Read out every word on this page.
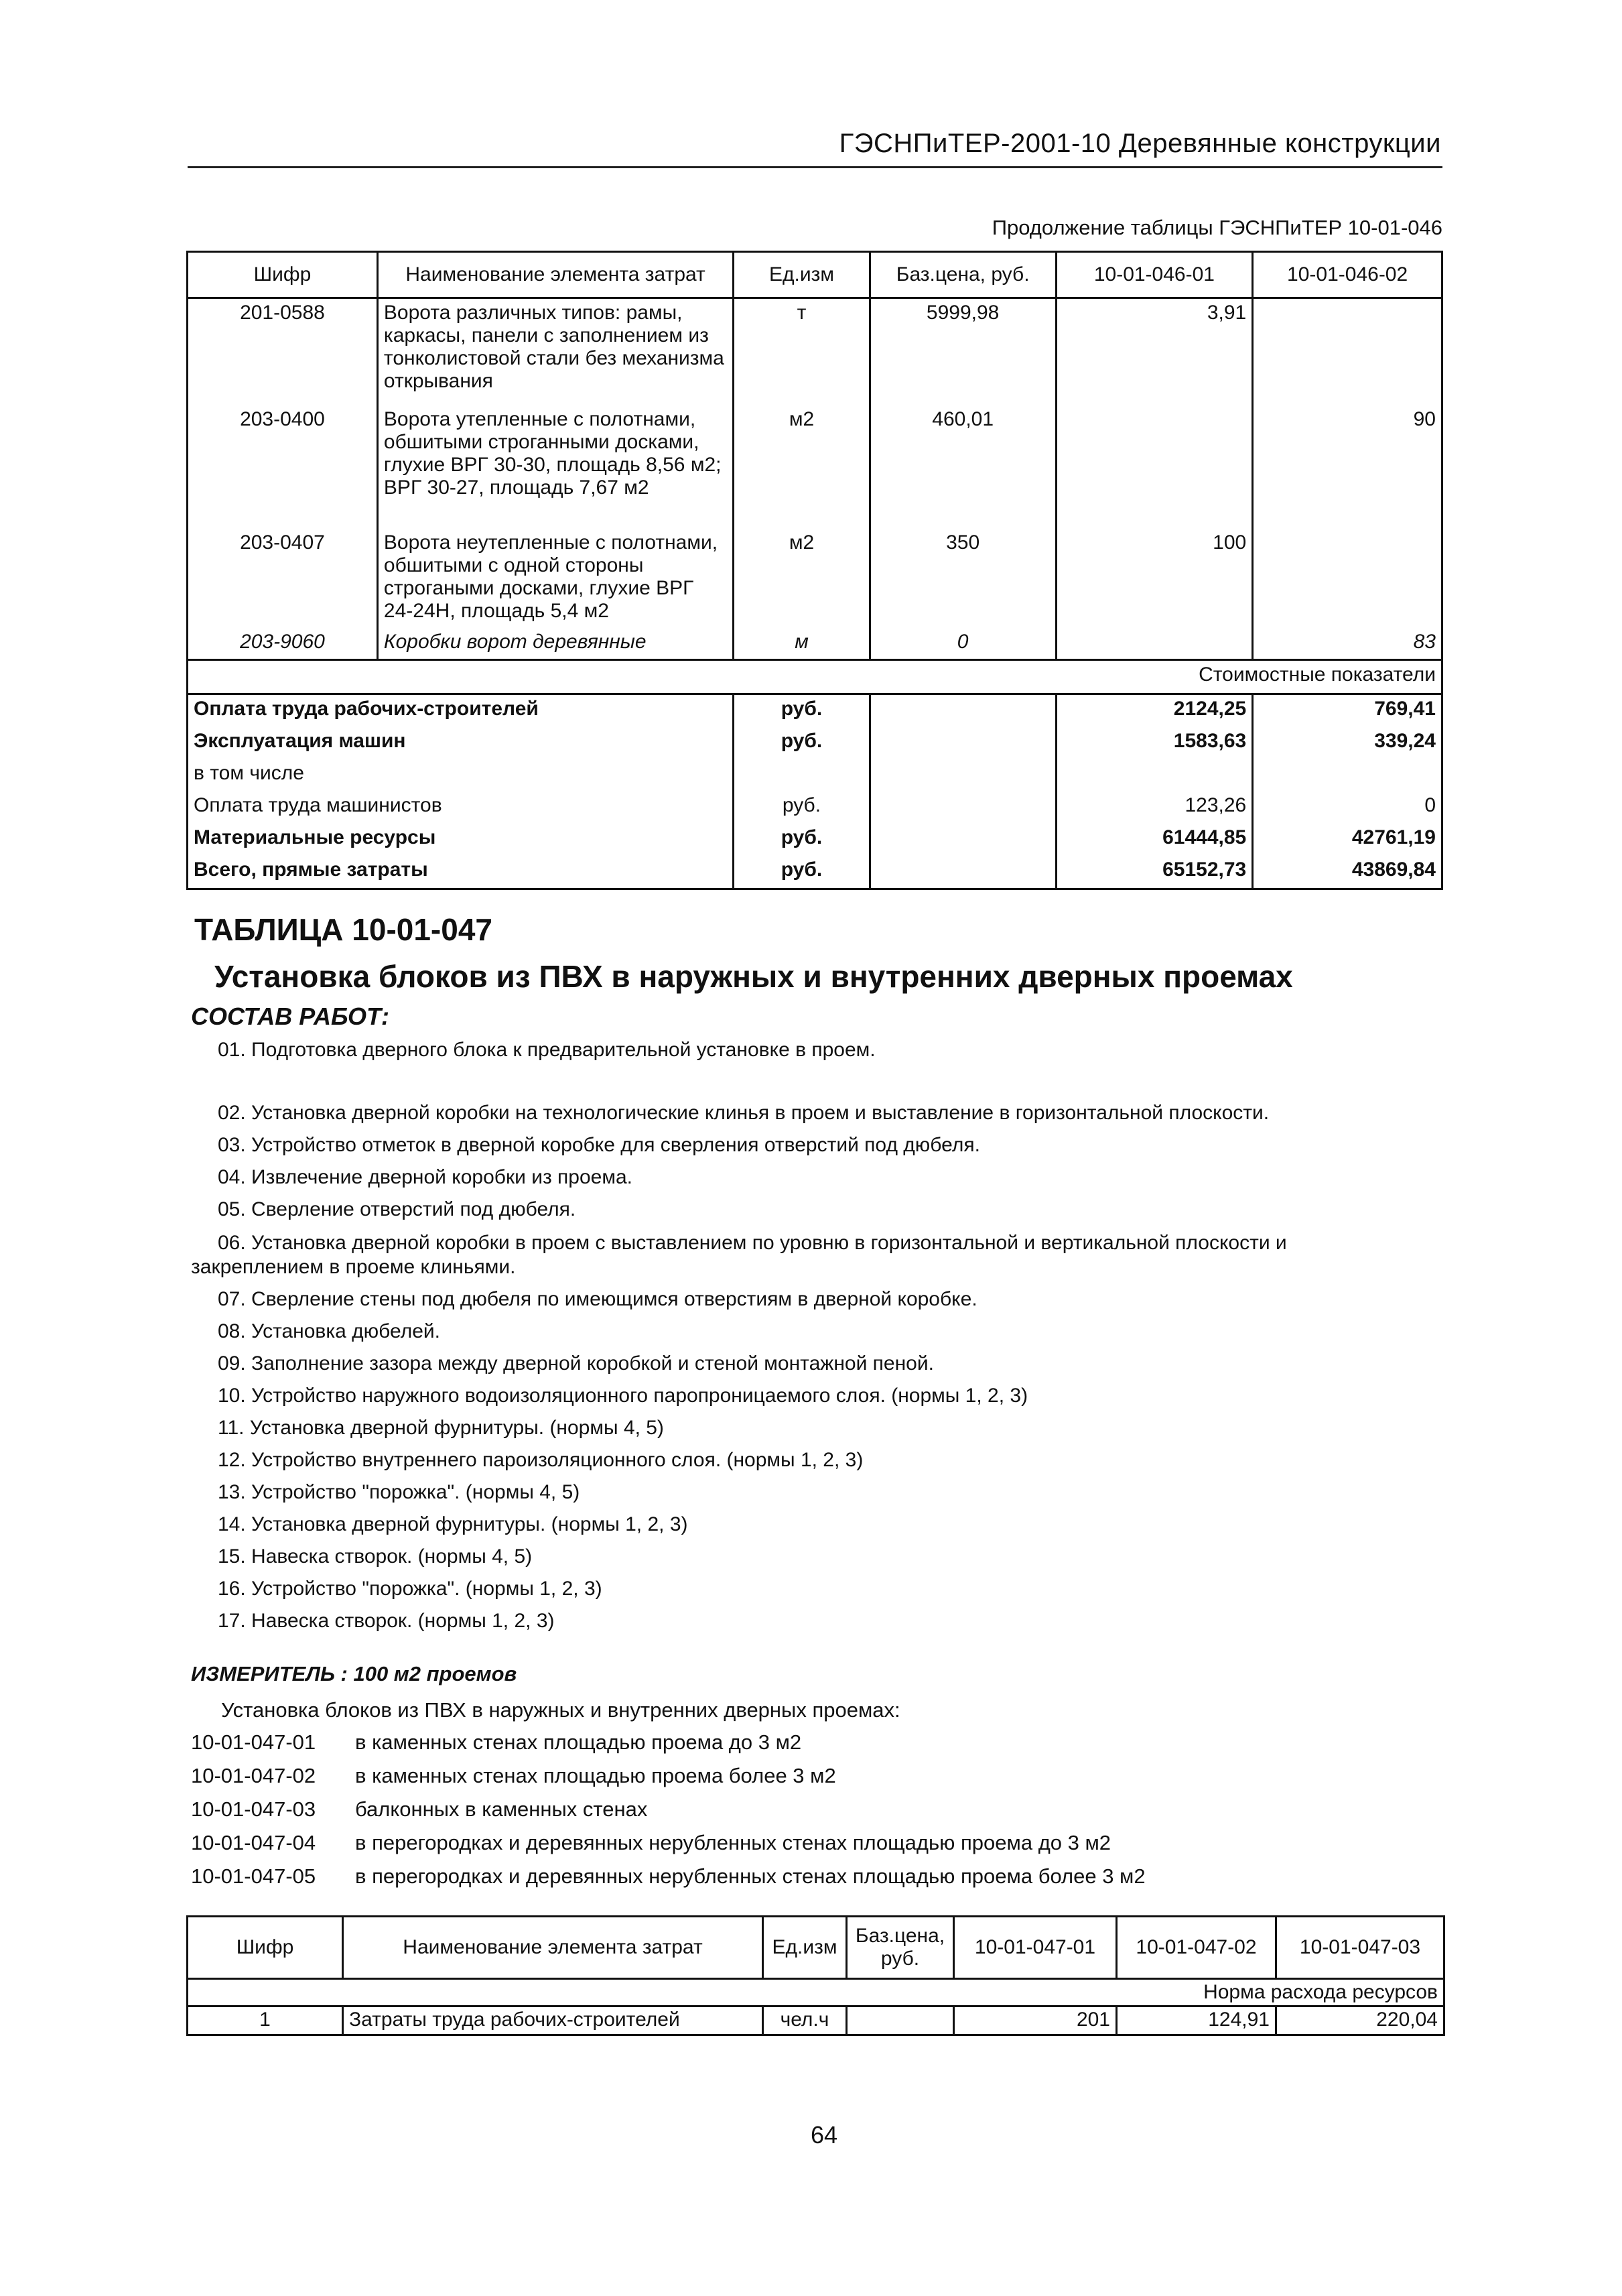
ГЭСНПиТЕР-2001-10 Деревянные конструкции
Продолжение таблицы ГЭСНПиТЕР 10-01-046
Шифр	Наименование элемента затрат	Ед.изм	Баз.цена, руб.	10-01-046-01	10-01-046-02
201-0588	Ворота различных типов: рамы, каркасы, панели с заполнением из тонколистовой стали без механизма открывания	т	5999,98	3,91	
203-0400	Ворота утепленные с полотнами, обшитыми строганными досками, глухие ВРГ 30-30, площадь 8,56 м2; ВРГ 30-27, площадь 7,67 м2	м2	460,01		90
203-0407	Ворота неутепленные с полотнами, обшитыми с одной стороны строгаными досками, глухие ВРГ 24-24Н, площадь 5,4 м2	м2	350	100	
203-9060	Коробки ворот деревянные	м	0		83
Стоимостные показатели					
Оплата труда рабочих-строителей		руб.		2124,25	769,41
Эксплуатация машин		руб.		1583,63	339,24
в том числе					
Оплата труда машинистов		руб.		123,26	0
Материальные ресурсы		руб.		61444,85	42761,19
Всего, прямые затраты		руб.		65152,73	43869,84
ТАБЛИЦА 10-01-047
Установка блоков из ПВХ в наружных и внутренних дверных проемах
СОСТАВ РАБОТ:
01. Подготовка дверного блока к предварительной установке в проем.
02. Установка дверной коробки на технологические клинья в проем и выставление в горизонтальной плоскости.
03. Устройство отметок в дверной коробке для сверления отверстий под дюбеля.
04. Извлечение дверной коробки из проема.
05. Сверление отверстий под дюбеля.
06. Установка дверной коробки в проем с выставлением по уровню в горизонтальной и вертикальной плоскости и
закреплением в проеме клиньями.
07. Сверление стены под дюбеля по имеющимся отверстиям в дверной коробке.
08. Установка дюбелей.
09. Заполнение зазора между дверной коробкой и стеной монтажной пеной.
10. Устройство наружного водоизоляционного паропроницаемого слоя. (нормы 1, 2, 3)
11. Установка дверной фурнитуры. (нормы 4, 5)
12. Устройство внутреннего пароизоляционного слоя. (нормы 1, 2, 3)
13. Устройство "порожка". (нормы 4, 5)
14. Установка дверной фурнитуры. (нормы 1, 2, 3)
15. Навеска створок. (нормы 4, 5)
16. Устройство "порожка". (нормы 1, 2, 3)
17. Навеска створок. (нормы 1, 2, 3)
ИЗМЕРИТЕЛЬ : 100 м2 проемов
Установка блоков из ПВХ в наружных и внутренних дверных проемах:
10-01-047-01 в каменных стенах площадью проема до 3 м2
10-01-047-02 в каменных стенах площадью проема более 3 м2
10-01-047-03 балконных в каменных стенах
10-01-047-04 в перегородках и деревянных нерубленных стенах площадью проема до 3 м2
10-01-047-05 в перегородках и деревянных нерубленных стенах площадью проема более 3 м2
Шифр	Наименование элемента затрат	Ед.изм	Баз.цена, руб.	10-01-047-01	10-01-047-02	10-01-047-03
Норма расхода ресурсов						
1	Затраты труда рабочих-строителей	чел.ч		201	124,91	220,04
64
